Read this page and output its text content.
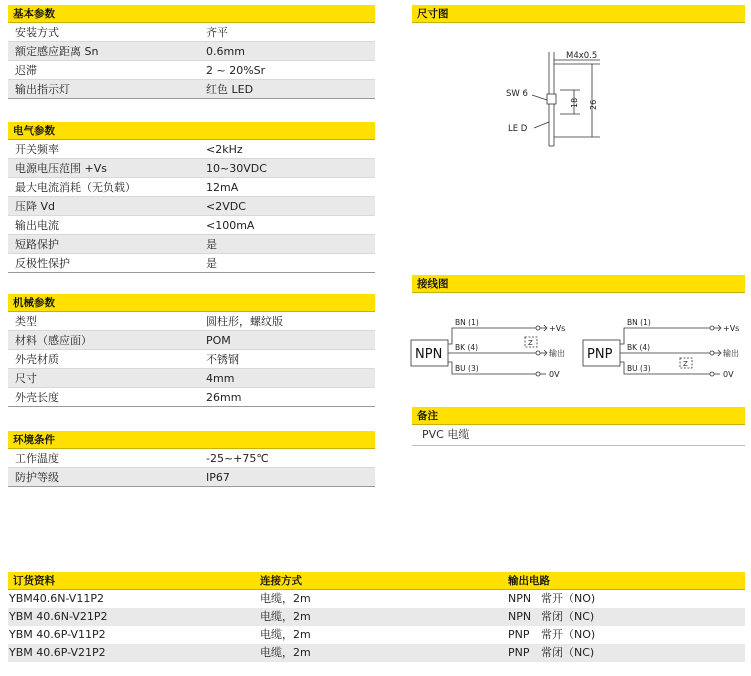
基本参数
安装方式	齐平
额定感应距离 Sn	0.6mm
迟滞	2 ~ 20%Sr
输出指示灯	红色 LED
电气参数
开关频率	<2kHz
电源电压范围 +Vs	10~30VDC
最大电流消耗（无负载）	12mA
压降 Vd	<2VDC
输出电流	<100mA
短路保护	是
反极性保护	是
机械参数
类型	圆柱形，螺纹版
材料（感应面）	POM
外壳材质	不锈钢
尺寸	4mm
外壳长度	26mm
环境条件
工作温度	-25~+75℃
防护等级	IP67
尺寸图
M4x0.5
SW 6
LE D
18 26
接线图
NPN
BN (1)
BK (4)
BU (3)
Z
+Vs
输出
0V
PNP
BN (1)
BK (4)
BU (3)	Z
+Vs
输出
0V
备注
PVC 电缆
订货资料	连接方式	输出电路
YBM40.6N-V11P2	电缆，2m	NPN 常开（NO)
YBM 40.6N-V21P2	电缆，2m	NPN 常闭（NC)
YBM 40.6P-V11P2	电缆，2m	PNP 常开（NO)
YBM 40.6P-V21P2	电缆，2m	PNP 常闭（NC)
